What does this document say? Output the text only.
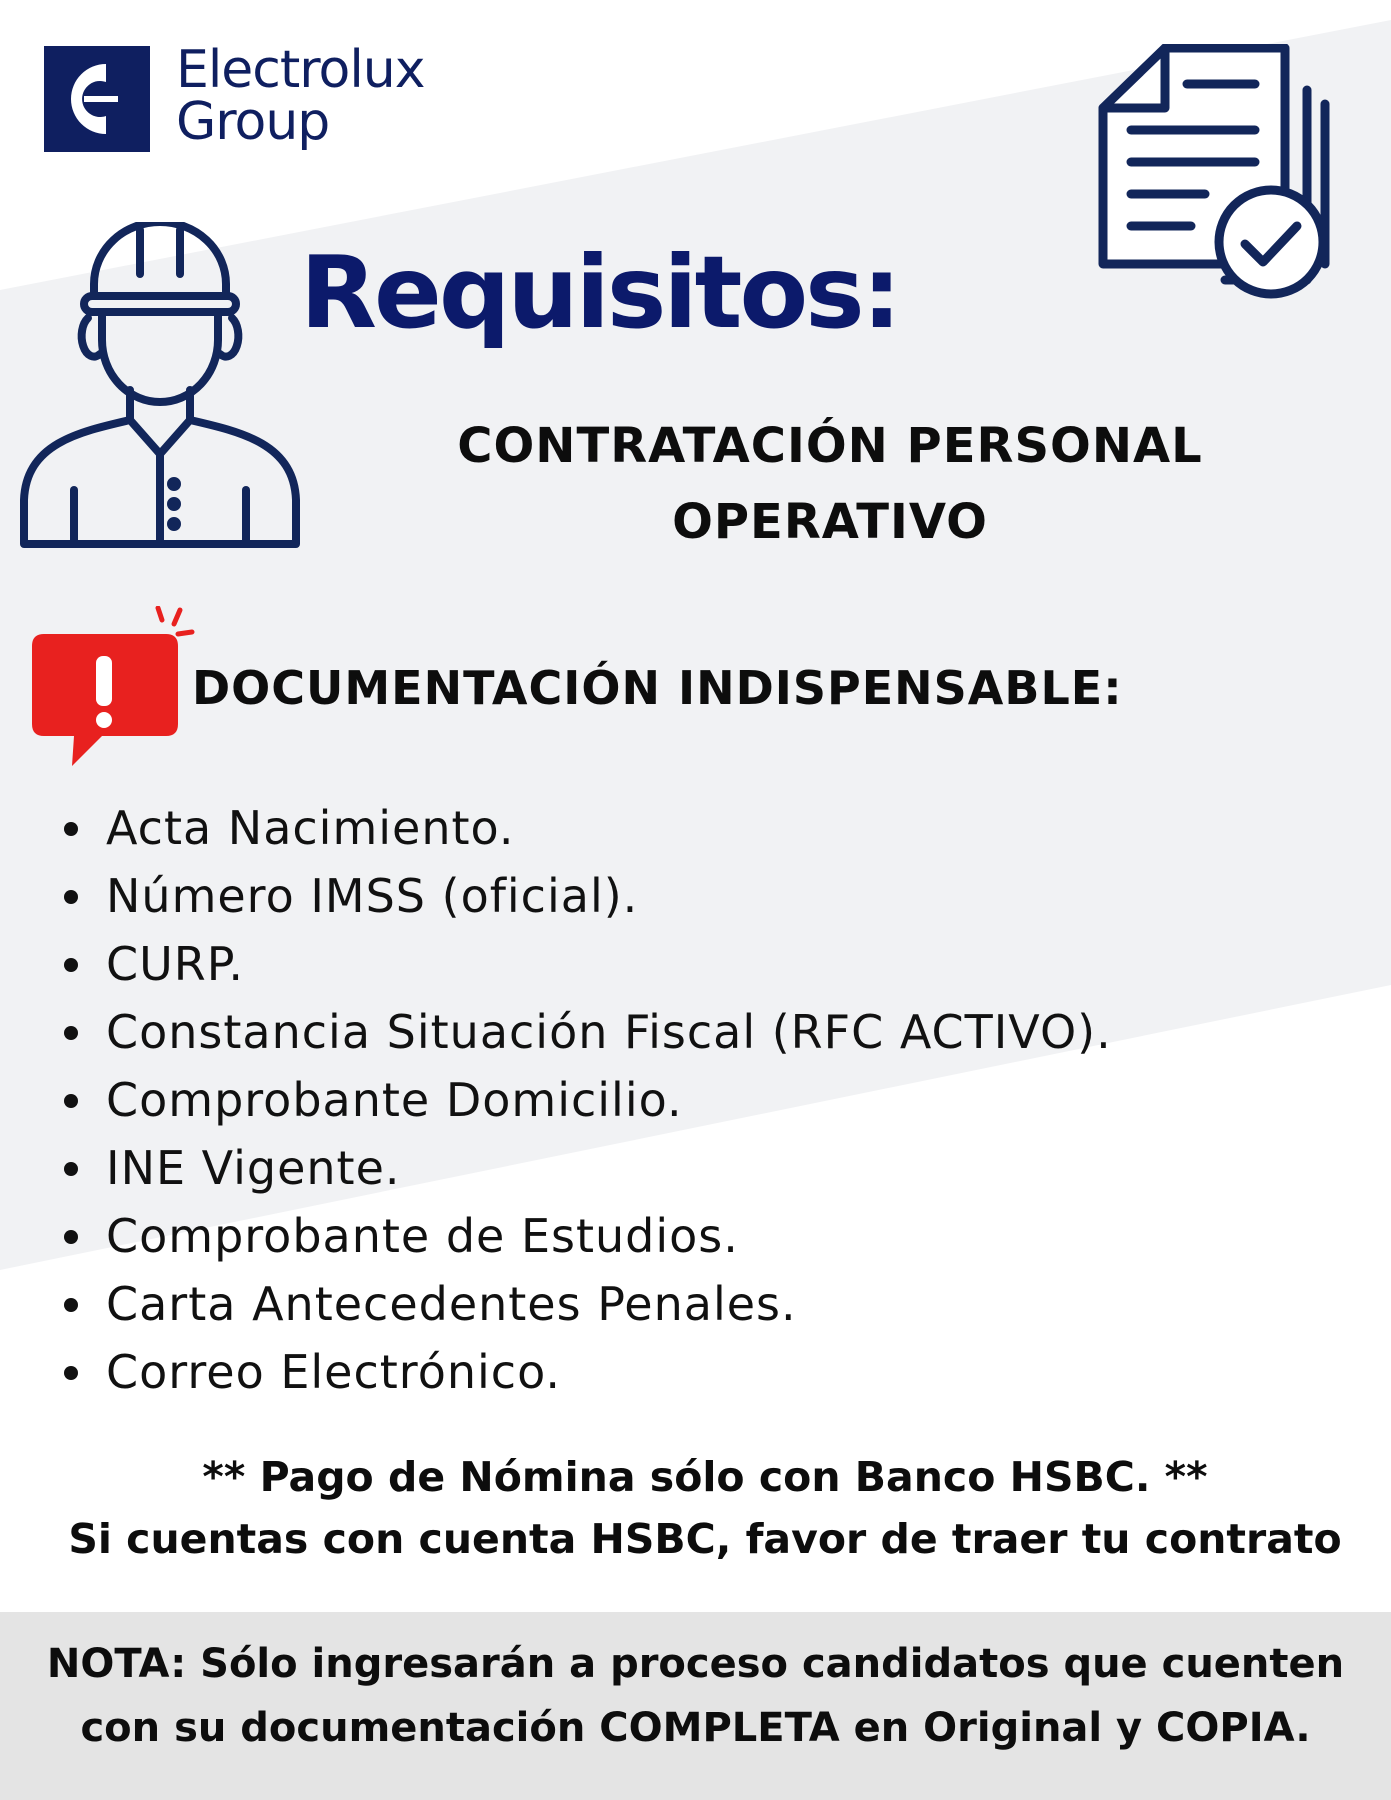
Electrolux
Group
Requisitos:
CONTRATACIÓN PERSONAL
OPERATIVO
DOCUMENTACIÓN INDISPENSABLE:
Acta Nacimiento.
Número IMSS (oficial).
CURP.
Constancia Situación Fiscal (RFC ACTIVO).
Comprobante Domicilio.
INE Vigente.
Comprobante de Estudios.
Carta Antecedentes Penales.
Correo Electrónico.
** Pago de Nómina sólo con Banco HSBC. **
Si cuentas con cuenta HSBC, favor de traer tu contrato
NOTA: Sólo ingresarán a proceso candidatos que cuenten
con su documentación COMPLETA en Original y COPIA.
